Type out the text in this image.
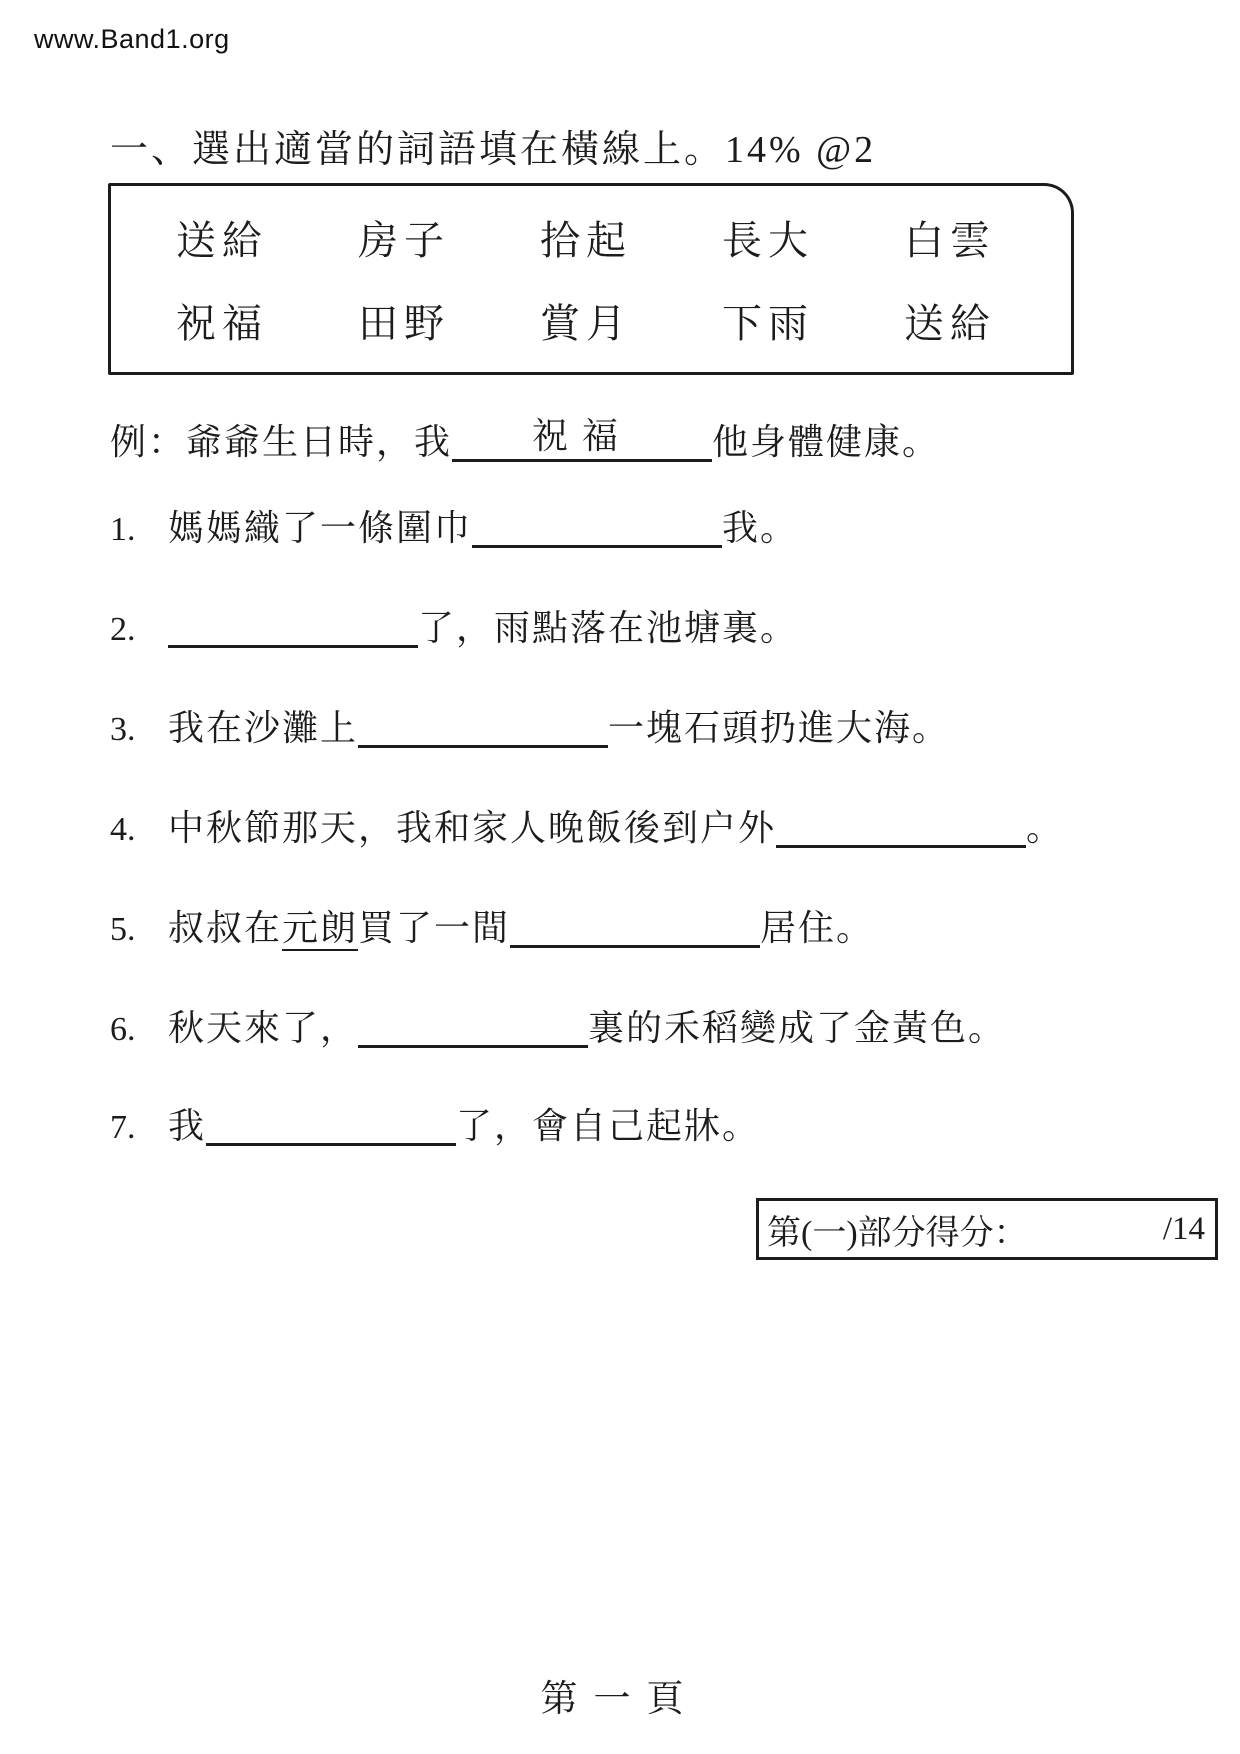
www.Band1.org
一、選出適當的詞語填在橫線上。14% @2
送給 房子 拾起 長大 白雲
祝福 田野 賞月 下雨 送給
例：爺爺生日時，我 祝福 他身體健康。
1. 媽媽織了一條圍巾	我。
2.	了，雨點落在池塘裏。
3. 我在沙灘上	一塊石頭扔進大海。
4. 中秋節那天，我和家人晚飯後到户外	。
5. 叔叔在元朗買了一間	居住。
6. 秋天來了，	裏的禾稻變成了金黃色。
7. 我	了，會自己起牀。
第(一)部分得分：	/14
第一頁
